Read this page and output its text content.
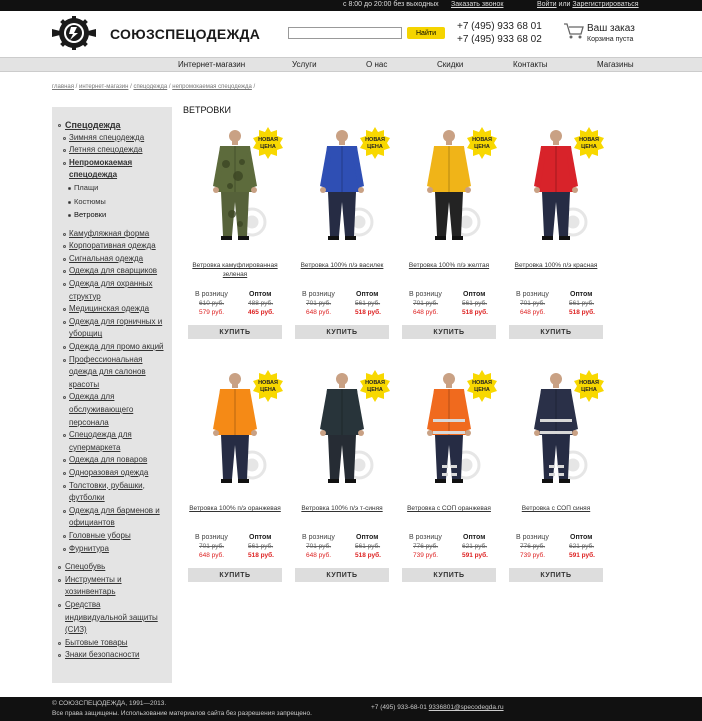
с 8:00 до 20:00 без выходных Заказать звонок	Войти или Зарегистрироваться
СОЮЗСПЕЦОДЕЖДА	Найти
+7 (495) 933 68 01
+7 (495) 933 68 02
Ваш заказ
Корзина пуста
Интернет-магазин	Услуги	О нас	Скидки	Контакты	Магазины
главная / интернет-магазин / спецодежда / непромокаемая спецодежда /
Спецодежда
Зимняя спецодежда
Летняя спецодежда
Непромокаемая
спецодежда
Плащи
Костюмы
Ветровки
Камуфляжная форма
Корпоративная одежда
Сигнальная одежда
Одежда для сварщиков
Одежда для охранных
структур
Медицинская одежда
Одежда для горничных и
уборщиц
Одежда для промо акций
Профессиональная
одежда для салонов
красоты
Одежда для
обслуживающего
персонала
Спецодежда для
супермаркета
Одежда для поваров
Одноразовая одежда
Толстовки, рубашки,
футболки
Одежда для барменов и
официантов
Головные уборы
Фурнитура
Спецобувь
Инструменты и
хозинвентарь
Средства
индивидуальной защиты
(СИЗ)
Бытовые товары
Знаки безопасности
ВЕТРОВКИ
НОВАЯ
ЦЕНА
Ветровка камуфлированная зеленая
В розницу	Оптом
610 руб.	488 руб.
579 руб.	465 руб.
КУПИТЬ
НОВАЯ
ЦЕНА
Ветровка 100% п/э василек
В розницу	Оптом
701 руб.	561 руб.
648 руб.	518 руб.
КУПИТЬ
НОВАЯ
ЦЕНА
Ветровка 100% п/э желтая
В розницу	Оптом
701 руб.	561 руб.
648 руб.	518 руб.
КУПИТЬ
НОВАЯ
ЦЕНА
Ветровка 100% п/э красная
В розницу	Оптом
701 руб.	561 руб.
648 руб.	518 руб.
КУПИТЬ
НОВАЯ
ЦЕНА
Ветровка 100% п/э оранжевая
В розницу	Оптом
701 руб.	561 руб.
648 руб.	518 руб.
КУПИТЬ
НОВАЯ
ЦЕНА
Ветровка 100% п/э т-синяя
В розницу	Оптом
701 руб.	561 руб.
648 руб.	518 руб.
КУПИТЬ
НОВАЯ
ЦЕНА
Ветровка с СОП оранжевая
В розницу	Оптом
776 руб.	621 руб.
739 руб.	591 руб.
КУПИТЬ
НОВАЯ
ЦЕНА
Ветровка с СОП синяя
В розницу	Оптом
776 руб.	621 руб.
739 руб.	591 руб.
КУПИТЬ
© СОЮЗСПЕЦОДЕЖДА, 1991—2013.
Все права защищены. Использование материалов сайта без разрешения запрещено.
+7 (495) 933-68-01 9336801@specodegda.ru
